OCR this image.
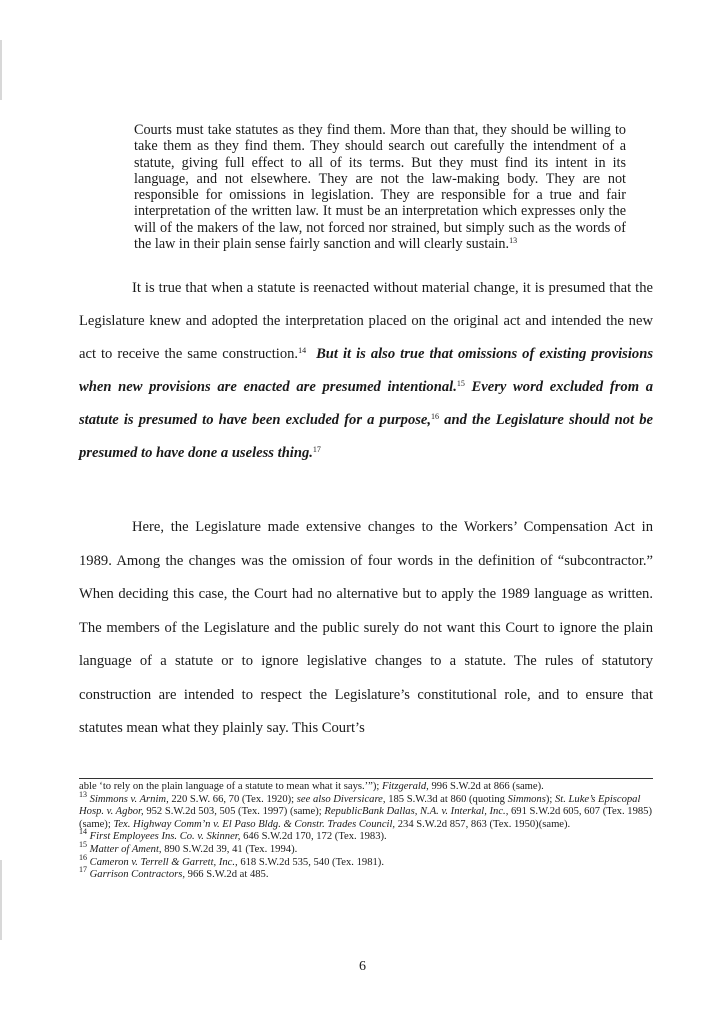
Courts must take statutes as they find them. More than that, they should be willing to take them as they find them. They should search out carefully the intendment of a statute, giving full effect to all of its terms. But they must find its intent in its language, and not elsewhere. They are not the law-making body. They are not responsible for omissions in legislation. They are responsible for a true and fair interpretation of the written law. It must be an interpretation which expresses only the will of the makers of the law, not forced nor strained, but simply such as the words of the law in their plain sense fairly sanction and will clearly sustain.$^{13}$
It is true that when a statute is reenacted without material change, it is presumed that the Legislature knew and adopted the interpretation placed on the original act and intended the new act to receive the same construction.$^{14}$ But it is also true that omissions of existing provisions when new provisions are enacted are presumed intentional.$^{15}$ Every word excluded from a statute is presumed to have been excluded for a purpose,$^{16}$ and the Legislature should not be presumed to have done a useless thing.$^{17}$
Here, the Legislature made extensive changes to the Workers’ Compensation Act in 1989. Among the changes was the omission of four words in the definition of “subcontractor.” When deciding this case, the Court had no alternative but to apply the 1989 language as written. The members of the Legislature and the public surely do not want this Court to ignore the plain language of a statute or to ignore legislative changes to a statute. The rules of statutory construction are intended to respect the Legislature’s constitutional role, and to ensure that statutes mean what they plainly say. This Court’s

able ‘to rely on the plain language of a statute to mean what it says.’”); Fitzgerald, 996 S.W.2d at 866 (same).

$^{13}$ Simmons v. Arnim, 220 S.W. 66, 70 (Tex. 1920); see also Diversicare, 185 S.W.3d at 860 (quoting Simmons); St. Luke’s Episcopal Hosp. v. Agbor, 952 S.W.2d 503, 505 (Tex. 1997) (same); RepublicBank Dallas, N.A. v. Interkal, Inc., 691 S.W.2d 605, 607 (Tex. 1985) (same); Tex. Highway Comm’n v. El Paso Bldg. & Constr. Trades Council, 234 S.W.2d 857, 863 (Tex. 1950)(same).

$^{14}$ First Employees Ins. Co. v. Skinner, 646 S.W.2d 170, 172 (Tex. 1983).

$^{15}$ Matter of Ament, 890 S.W.2d 39, 41 (Tex. 1994).

$^{16}$ Cameron v. Terrell & Garrett, Inc., 618 S.W.2d 535, 540 (Tex. 1981).

$^{17}$ Garrison Contractors, 966 S.W.2d at 485.

6
